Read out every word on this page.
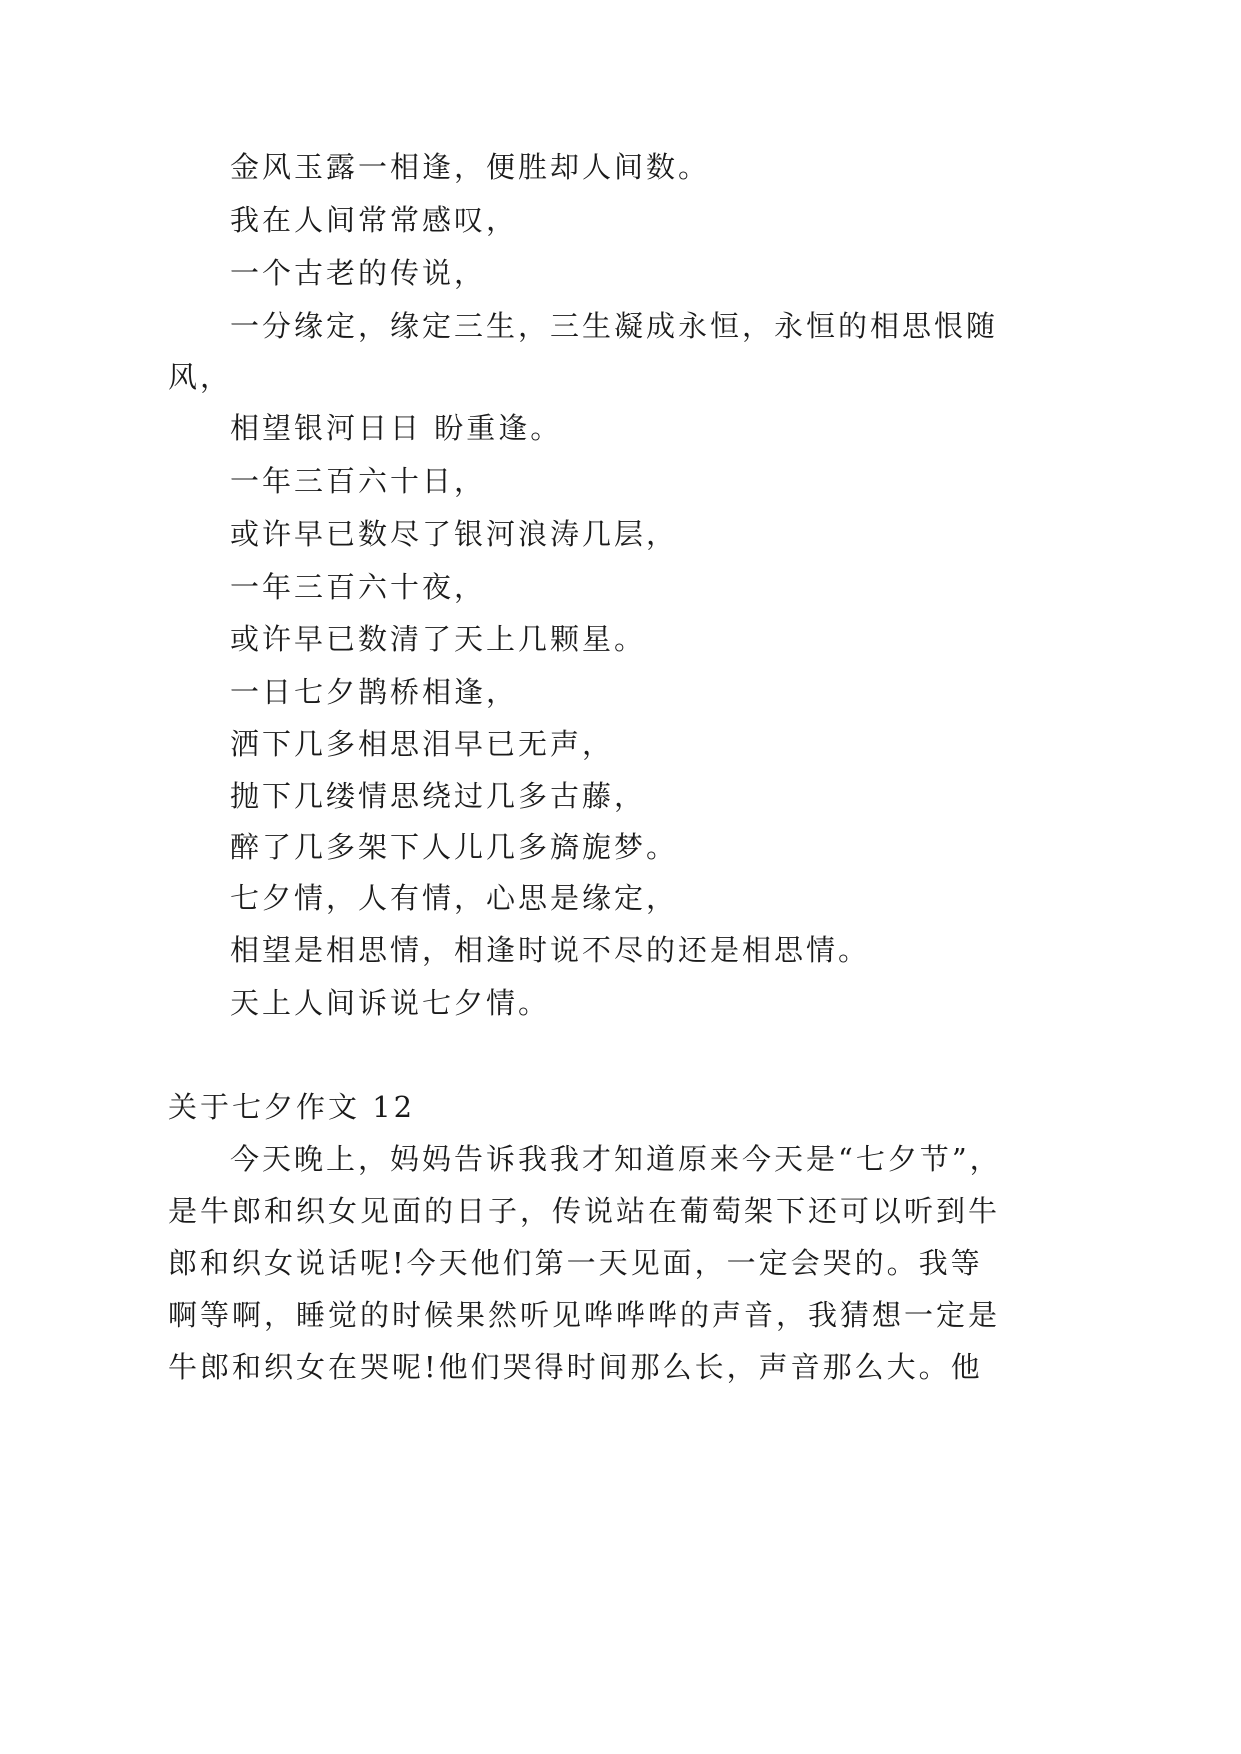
金风玉露一相逢，便胜却人间数。
我在人间常常感叹，
一个古老的传说，
一分缘定，缘定三生，三生凝成永恒，永恒的相思恨随
风，
相望银河日日 盼重逢。
一年三百六十日，
或许早已数尽了银河浪涛几层，
一年三百六十夜，
或许早已数清了天上几颗星。
一日七夕鹊桥相逢，
洒下几多相思泪早已无声，
抛下几缕情思绕过几多古藤，
醉了几多架下人儿几多旖旎梦。
七夕情，人有情，心思是缘定，
相望是相思情，相逢时说不尽的还是相思情。
天上人间诉说七夕情。
关于七夕作文 12
今天晚上，妈妈告诉我我才知道原来今天是“七夕节”，
是牛郎和织女见面的日子，传说站在葡萄架下还可以听到牛
郎和织女说话呢!今天他们第一天见面，一定会哭的。我等
啊等啊，睡觉的时候果然听见哗哗哗的声音，我猜想一定是
牛郎和织女在哭呢!他们哭得时间那么长，声音那么大。他
